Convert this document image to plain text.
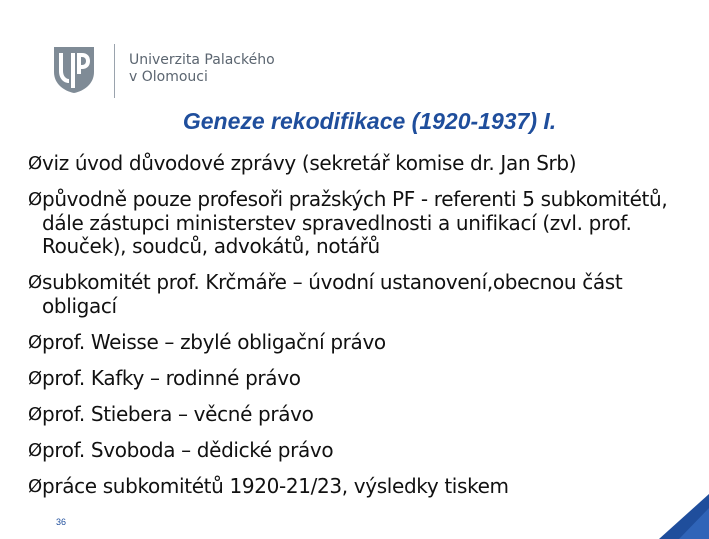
Univerzita Palackého
v Olomouci
Geneze rekodifikace (1920-1937) I.
Ø viz úvod důvodové zprávy (sekretář komise dr. Jan Srb)
Ø původně pouze profesoři pražských PF - referenti 5 subkomitétů, dále zástupci ministerstev spravedlnosti a unifikací (zvl. prof. Rouček), soudců, advokátů, notářů
Ø subkomitét prof. Krčmáře – úvodní ustanovení,obecnou část obligací
Ø prof. Weisse – zbylé obligační právo
Ø prof. Kafky – rodinné právo
Ø prof. Stiebera – věcné právo
Ø prof. Svoboda – dědické právo
Ø práce subkomitétů 1920-21/23, výsledky tiskem
36
